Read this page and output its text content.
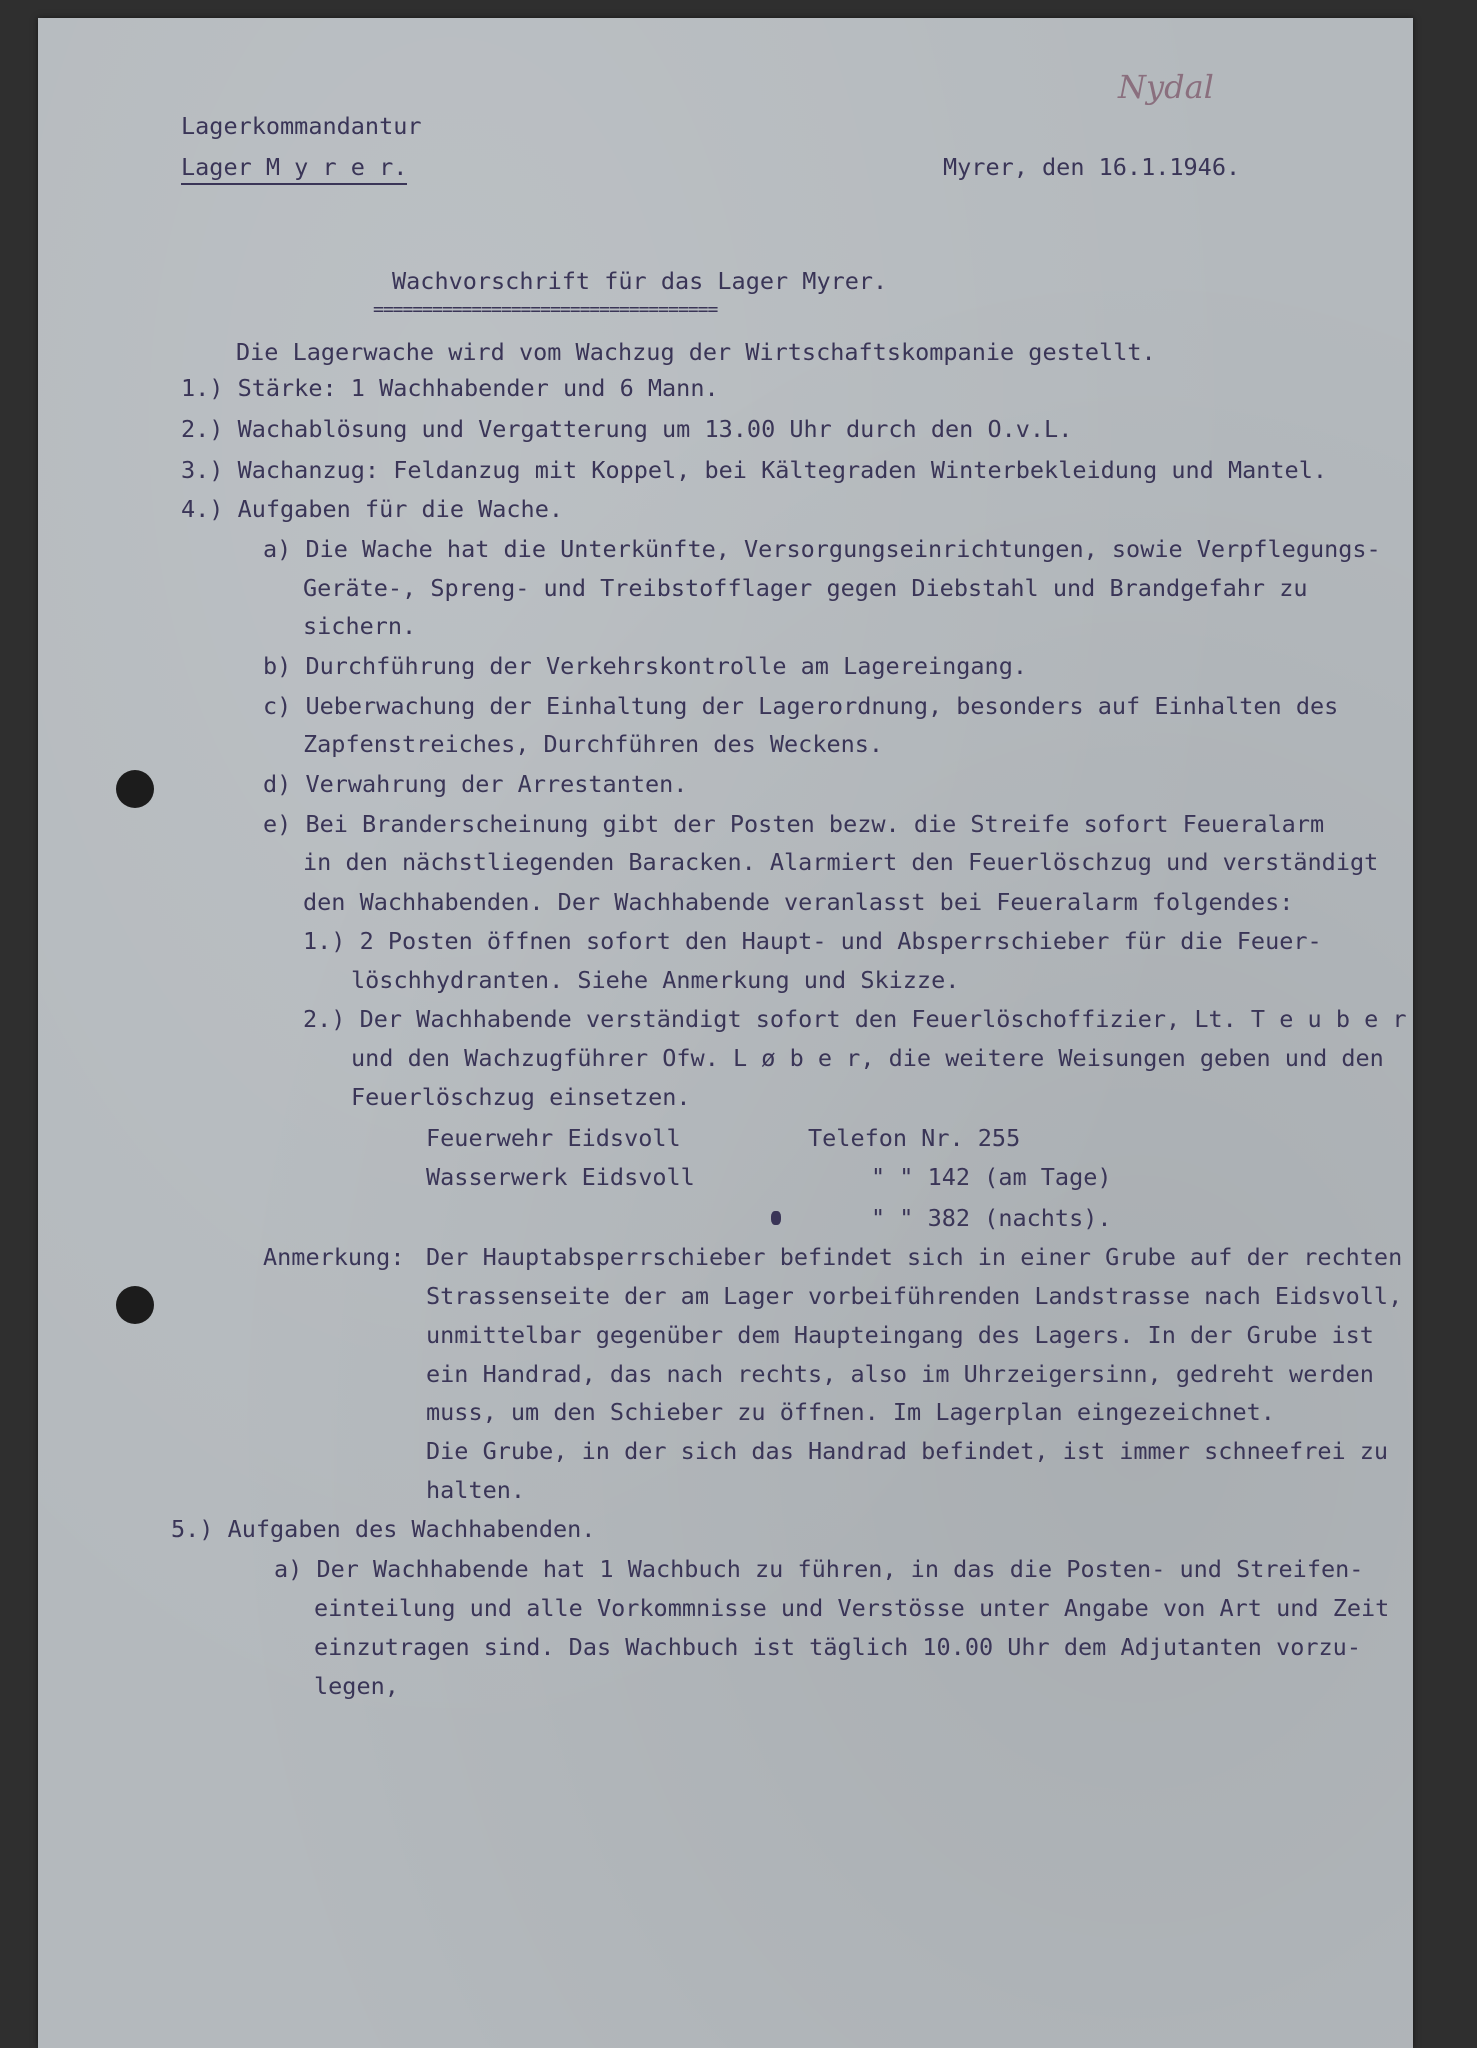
Nydal
Lagerkommandantur
Lager M y r e r.	Myrer, den 16.1.1946.
Wachvorschrift für das Lager Myrer.
===================================
Die Lagerwache wird vom Wachzug der Wirtschaftskompanie gestellt.
1.) Stärke: 1 Wachhabender und 6 Mann.
2.) Wachablösung und Vergatterung um 13.00 Uhr durch den O.v.L.
3.) Wachanzug: Feldanzug mit Koppel, bei Kältegraden Winterbekleidung und Mantel.
4.) Aufgaben für die Wache.
a) Die Wache hat die Unterkünfte, Versorgungseinrichtungen, sowie Verpflegungs-
Geräte-, Spreng- und Treibstofflager gegen Diebstahl und Brandgefahr zu
sichern.
b) Durchführung der Verkehrskontrolle am Lagereingang.
c) Ueberwachung der Einhaltung der Lagerordnung, besonders auf Einhalten des
Zapfenstreiches, Durchführen des Weckens.
d) Verwahrung der Arrestanten.
e) Bei Branderscheinung gibt der Posten bezw. die Streife sofort Feueralarm
in den nächstliegenden Baracken. Alarmiert den Feuerlöschzug und verständigt
den Wachhabenden. Der Wachhabende veranlasst bei Feueralarm folgendes:
1.) 2 Posten öffnen sofort den Haupt- und Absperrschieber für die Feuer-
löschhydranten. Siehe Anmerkung und Skizze.
2.) Der Wachhabende verständigt sofort den Feuerlöschoffizier, Lt. T e u b e r
und den Wachzugführer Ofw. L ø b e r, die weitere Weisungen geben und den
Feuerlöschzug einsetzen.
Feuerwehr Eidsvoll	Telefon Nr. 255
Wasserwerk Eidsvoll	" " 142 (am Tage)
" " 382 (nachts).
Anmerkung: Der Hauptabsperrschieber befindet sich in einer Grube auf der rechten
Strassenseite der am Lager vorbeiführenden Landstrasse nach Eidsvoll,
unmittelbar gegenüber dem Haupteingang des Lagers. In der Grube ist
ein Handrad, das nach rechts, also im Uhrzeigersinn, gedreht werden
muss, um den Schieber zu öffnen. Im Lagerplan eingezeichnet.
Die Grube, in der sich das Handrad befindet, ist immer schneefrei zu
halten.
5.) Aufgaben des Wachhabenden.
a) Der Wachhabende hat 1 Wachbuch zu führen, in das die Posten- und Streifen-
einteilung und alle Vorkommnisse und Verstösse unter Angabe von Art und Zeit
einzutragen sind. Das Wachbuch ist täglich 10.00 Uhr dem Adjutanten vorzu-
legen,
